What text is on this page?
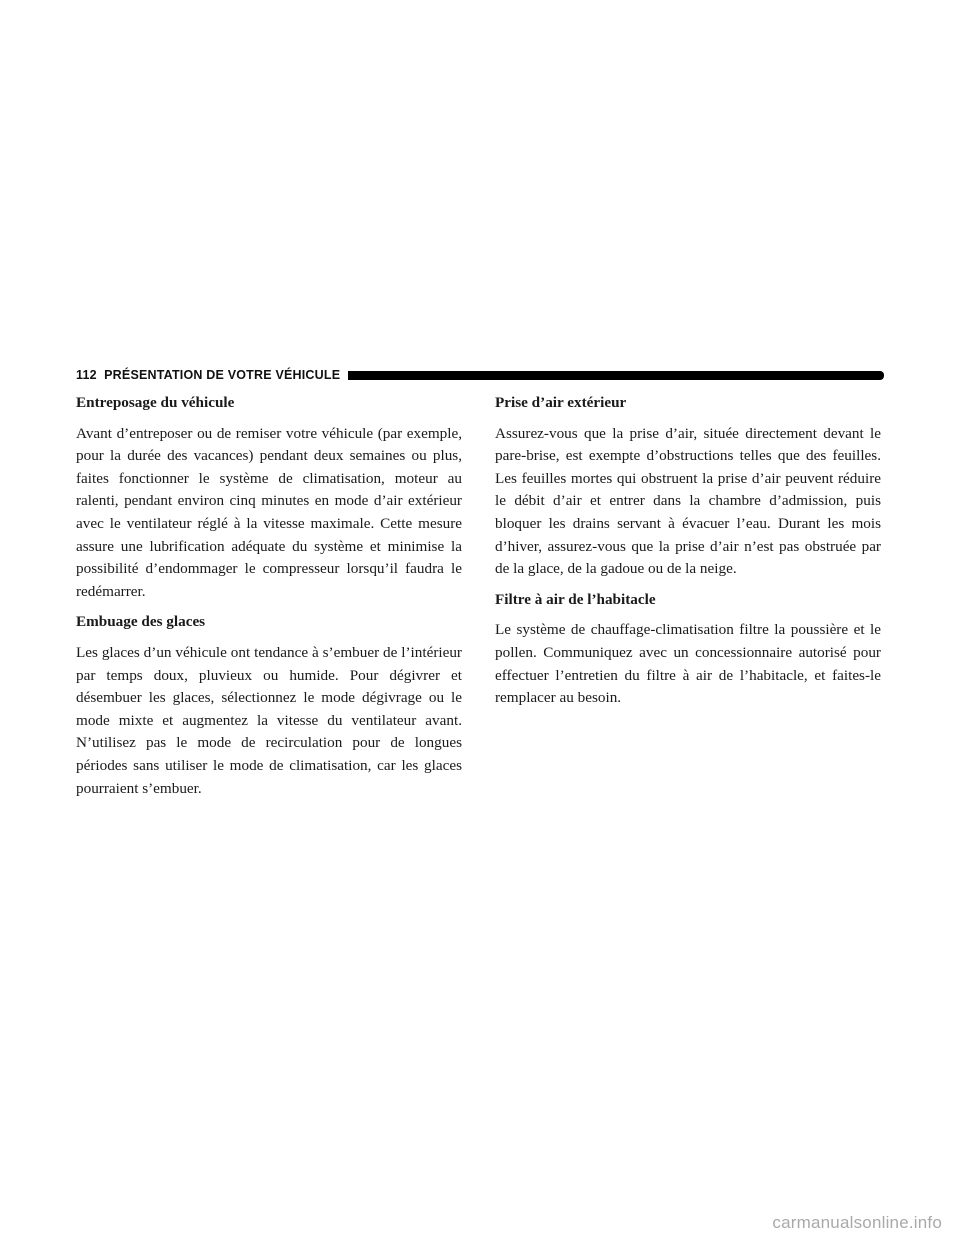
112 PRÉSENTATION DE VOTRE VÉHICULE
Entreposage du véhicule

Avant d’entreposer ou de remiser votre véhicule (par exemple, pour la durée des vacances) pendant deux semaines ou plus, faites fonctionner le système de climatisation, moteur au ralenti, pendant environ cinq minutes en mode d’air extérieur avec le ventilateur réglé à la vitesse maximale. Cette mesure assure une lubrification adéquate du système et minimise la possibilité d’endommager le compresseur lorsqu’il faudra le redémarrer.

Embuage des glaces

Les glaces d’un véhicule ont tendance à s’embuer de l’intérieur par temps doux, pluvieux ou humide. Pour dégivrer et désembuer les glaces, sélectionnez le mode dégivrage ou le mode mixte et augmentez la vitesse du ventilateur avant. N’utilisez pas le mode de recirculation pour de longues périodes sans utiliser le mode de climatisation, car les glaces pourraient s’embuer.

Prise d’air extérieur

Assurez-vous que la prise d’air, située directement devant le pare-brise, est exempte d’obstructions telles que des feuilles. Les feuilles mortes qui obstruent la prise d’air peuvent réduire le débit d’air et entrer dans la chambre d’admission, puis bloquer les drains servant à évacuer l’eau. Durant les mois d’hiver, assurez-vous que la prise d’air n’est pas obstruée par de la glace, de la gadoue ou de la neige.

Filtre à air de l’habitacle

Le système de chauffage-climatisation filtre la poussière et le pollen. Communiquez avec un concessionnaire autorisé pour effectuer l’entretien du filtre à air de l’habitacle, et faites-le remplacer au besoin.

carmanualsonline.info
